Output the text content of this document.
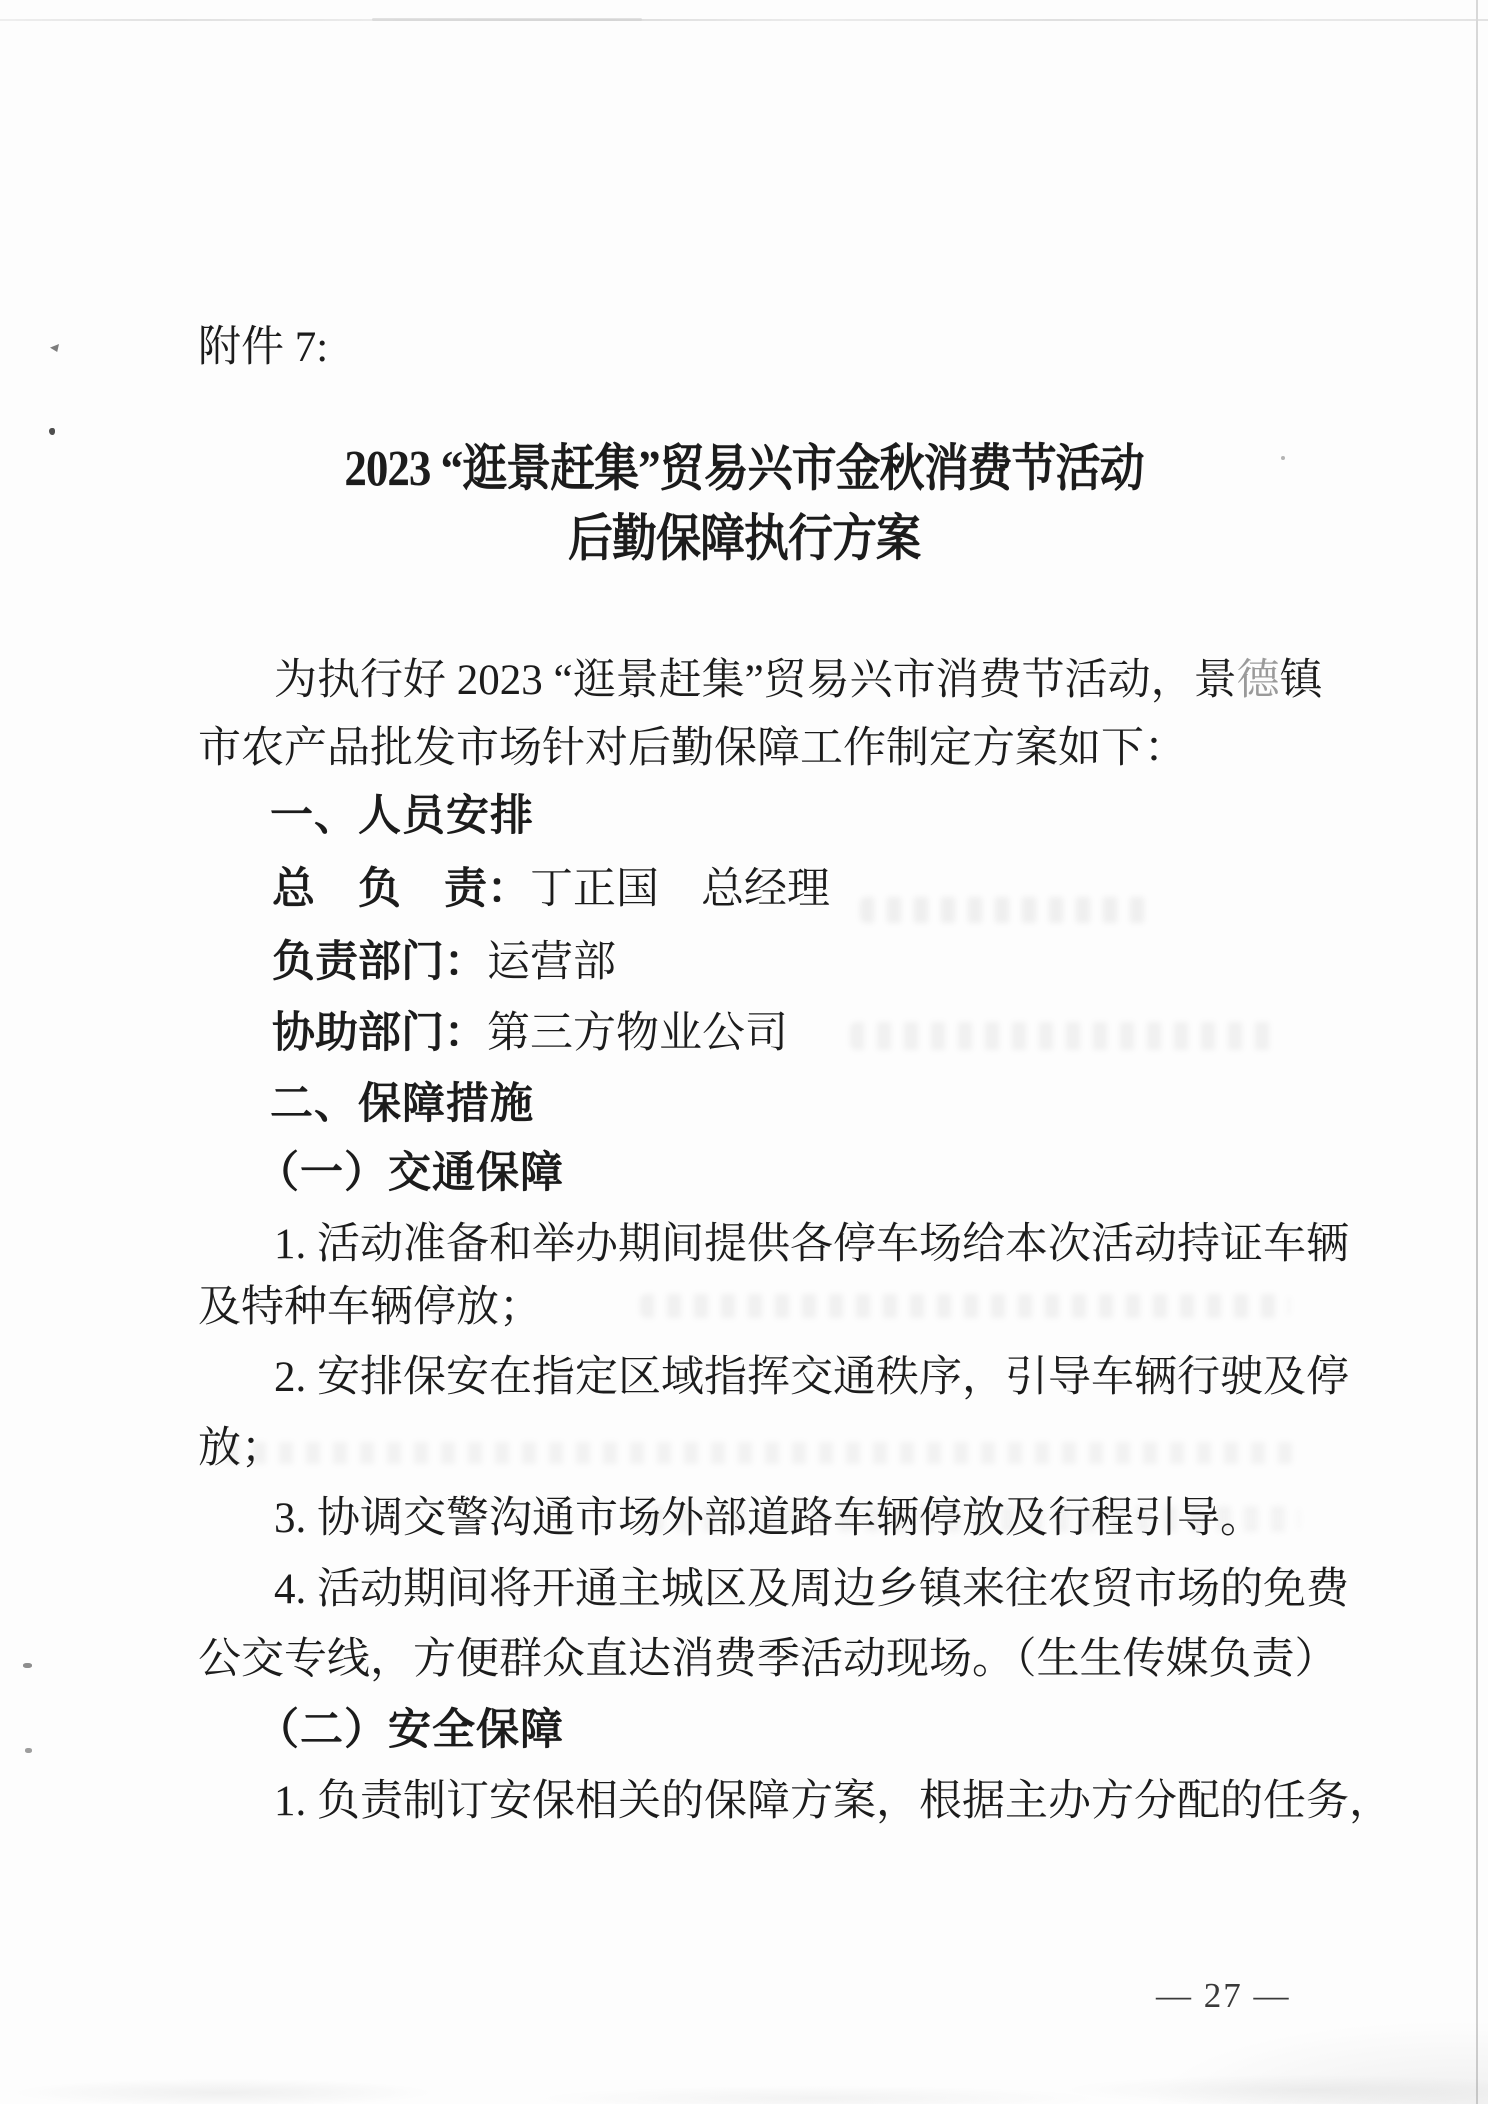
附件 7:
2023 “逛景赶集”贸易兴市金秋消费节活动
后勤保障执行方案
为执行好 2023 “逛景赶集”贸易兴市消费节活动，景德镇
市农产品批发市场针对后勤保障工作制定方案如下：
一、人员安排
总　负　责：丁正国 总经理
负责部门：运营部
协助部门：第三方物业公司
二、保障措施
（一）交通保障
1. 活动准备和举办期间提供各停车场给本次活动持证车辆
及特种车辆停放；
2. 安排保安在指定区域指挥交通秩序，引导车辆行驶及停
放；
3. 协调交警沟通市场外部道路车辆停放及行程引导。
4. 活动期间将开通主城区及周边乡镇来往农贸市场的免费
公交专线，方便群众直达消费季活动现场。（生生传媒负责）
（二）安全保障
1. 负责制订安保相关的保障方案，根据主办方分配的任务，
— 27 —
